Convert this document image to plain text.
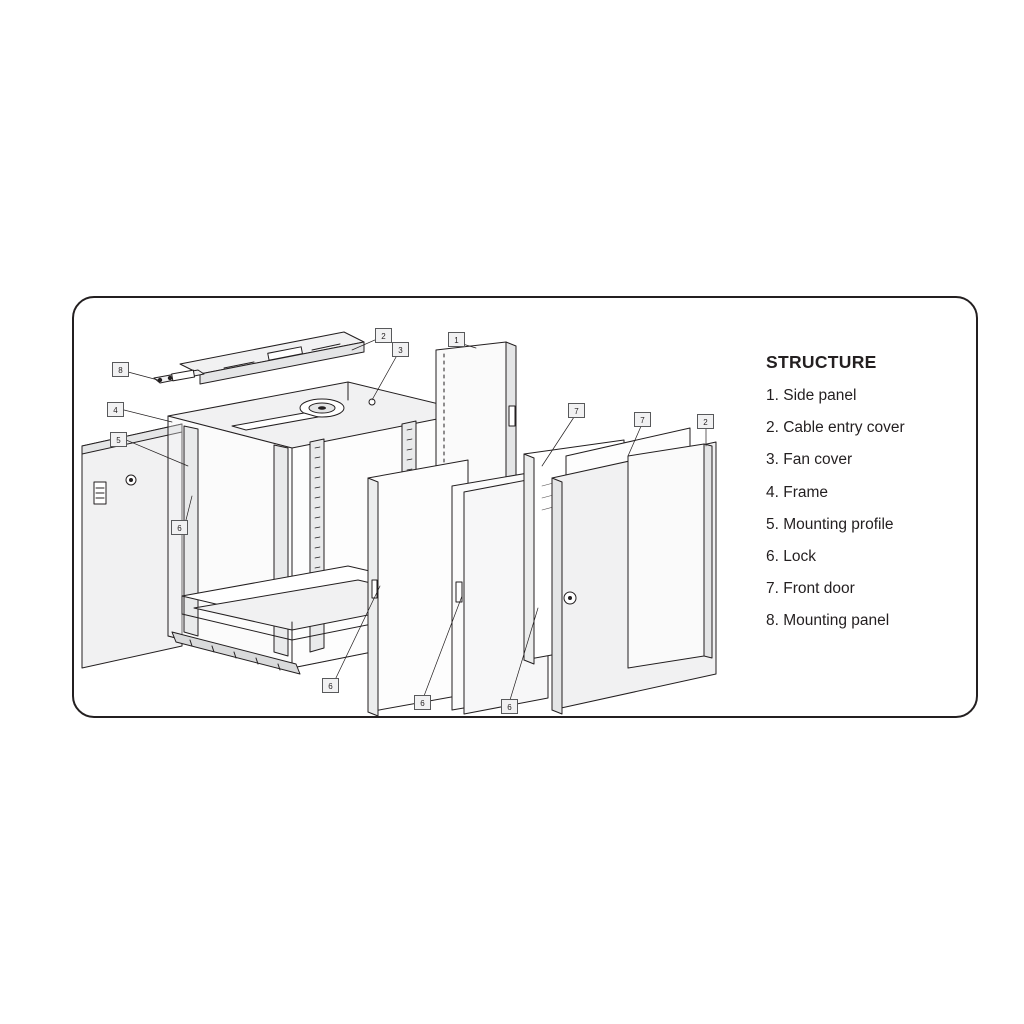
2	1
3
8
4
5
7
7	2
6
6
6	6
STRUCTURE
1. Side panel
2. Cable entry cover
3. Fan cover
4. Frame
5. Mounting profile
6. Lock
7. Front door
8. Mounting panel
